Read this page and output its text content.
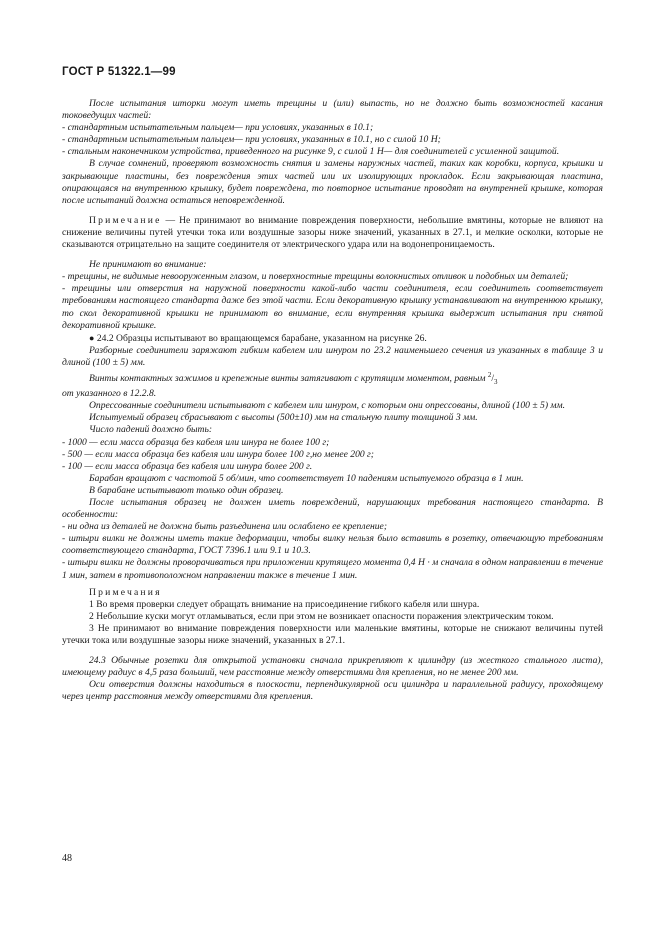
ГОСТ Р 51322.1—99

После испытания шторки могут иметь трещины и (или) выпасть, но не должно быть возможностей касания токоведущих частей:

- стандартным испытательным пальцем— при условиях, указанных в 10.1;

- стандартным испытательным пальцем— при условиях, указанных в 10.1, но с силой 10 Н;

- стальным наконечником устройства, приведенного на рисунке 9, с силой 1 Н— для соединителей с усиленной защитой.

В случае сомнений, проверяют возможность снятия и замены наружных частей, таких как коробки, корпуса, крышки и закрывающие пластины, без повреждения этих частей или их изолирующих прокладок. Если закрывающая пластина, опирающаяся на внутреннюю крышку, будет повреждена, то повторное испытание проводят на внутренней крышке, которая после испытаний должна остаться неповрежденной.

Примечание — Не принимают во внимание повреждения поверхности, небольшие вмятины, которые не влияют на снижение величины путей утечки тока или воздушные зазоры ниже значений, указанных в 27.1, и мелкие осколки, которые не сказываются отрицательно на защите соединителя от электрического удара или на водонепроницаемость.

Не принимают во внимание:

- трещины, не видимые невооруженным глазом, и поверхностные трещины волокнистых отливок и подобных им деталей;

- трещины или отверстия на наружной поверхности какой-либо части соединителя, если соединитель соответствует требованиям настоящего стандарта даже без этой части. Если декоративную крышку устанавливают на внутреннюю крышку, то скол декоративной крышки не принимают во внимание, если внутренняя крышка выдержит испытания при снятой декоративной крышке.

● 24.2 Образцы испытывают во вращающемся барабане, указанном на рисунке 26.

Разборные соединители заряжают гибким кабелем или шнуром по 23.2 наименьшего сечения из указанных в таблице 3 и длиной (100 ± 5) мм.

Винты контактных зажимов и крепежные винты затягивают с крутящим моментом, равным $^2/_3$

от указанного в 12.2.8.

Опрессованные соединители испытывают с кабелем или шнуром, с которым они опрессованы, длиной (100 ± 5) мм.

Испытуемый образец сбрасывают с высоты (500±10) мм на стальную плиту толщиной 3 мм.

Число падений должно быть:

- 1000 — если масса образца без кабеля или шнура не более 100 г;

- 500 — если масса образца без кабеля или шнура более 100 г,но менее 200 г;

- 100 — если масса образца без кабеля или шнура более 200 г.

Барабан вращают с частотой 5 об/мин, что соответствует 10 падениям испытуемого образца в 1 мин.

В барабане испытывают только один образец.

После испытания образец не должен иметь повреждений, нарушающих требования настоящего стандарта. В особенности:

- ни одна из деталей не должна быть разъединена или ослаблено ее крепление;

- штыри вилки не должны иметь такие деформации, чтобы вилку нельзя было вставить в розетку, отвечающую требованиям соответствующего стандарта, ГОСТ 7396.1 или 9.1 и 10.3.

- штыри вилки не должны проворачиваться при приложении крутящего момента 0,4 Н · м сначала в одном направлении в течение 1 мин, затем в противоположном направлении также в течение 1 мин.

Примечания

1 Во время проверки следует обращать внимание на присоединение гибкого кабеля или шнура.

2 Небольшие куски могут отламываться, если при этом не возникает опасности поражения электрическим током.

3 Не принимают во внимание повреждения поверхности или маленькие вмятины, которые не снижают величины путей утечки тока или воздушные зазоры ниже значений, указанных в 27.1.

24.3 Обычные розетки для открытой установки сначала прикрепляют к цилиндру (из жесткого стального листа), имеющему радиус в 4,5 раза больший, чем расстояние между отверстиями для крепления, но не менее 200 мм.

Оси отверстия должны находиться в плоскости, перпендикулярной оси цилиндра и параллельной радиусу, проходящему через центр расстояния между отверстиями для крепления.

48
